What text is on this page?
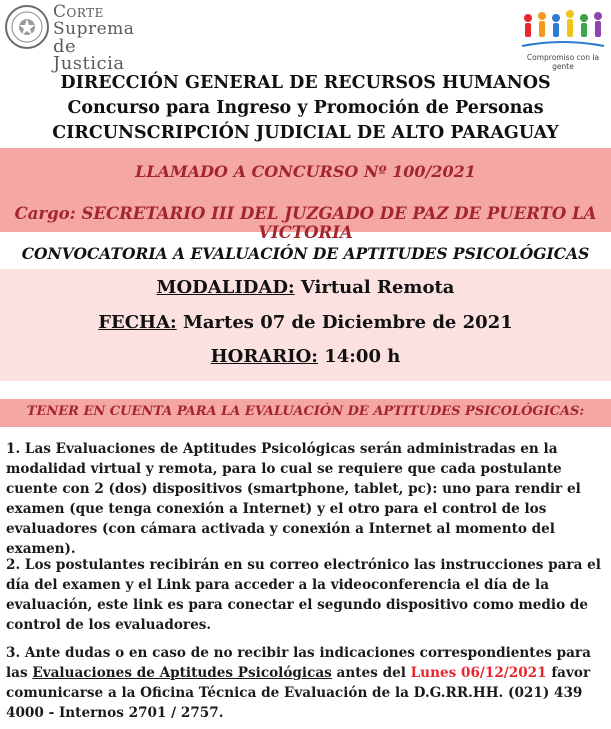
Corte
Suprema
de Justicia	Compromiso con la gente
DIRECCIÓN GENERAL DE RECURSOS HUMANOS
Concurso para Ingreso y Promoción de Personas
CIRCUNSCRIPCIÓN JUDICIAL DE ALTO PARAGUAY
LLAMADO A CONCURSO Nº 100/2021
Cargo: SECRETARIO III DEL JUZGADO DE PAZ DE PUERTO LA VICTORIA
CONVOCATORIA A EVALUACIÓN DE APTITUDES PSICOLÓGICAS
MODALIDAD: Virtual Remota
FECHA: Martes 07 de Diciembre de 2021
HORARIO: 14:00 h
TENER EN CUENTA PARA LA EVALUACIÓN DE APTITUDES PSICOLÓGICAS:
1. Las Evaluaciones de Aptitudes Psicológicas serán administradas en la modalidad virtual y remota, para lo cual se requiere que cada postulante cuente con 2 (dos) dispositivos (smartphone, tablet, pc): uno para rendir el examen (que tenga conexión a Internet) y el otro para el control de los evaluadores (con cámara activada y conexión a Internet al momento del examen).
2. Los postulantes recibirán en su correo electrónico las instrucciones para el día del examen y el Link para acceder a la videoconferencia el día de la evaluación, este link es para conectar el segundo dispositivo como medio de control de los evaluadores.
3. Ante dudas o en caso de no recibir las indicaciones correspondientes para las Evaluaciones de Aptitudes Psicológicas antes del Lunes 06/12/2021 favor comunicarse a la Oficina Técnica de Evaluación de la D.G.RR.HH. (021) 439 4000 - Internos 2701 / 2757.
